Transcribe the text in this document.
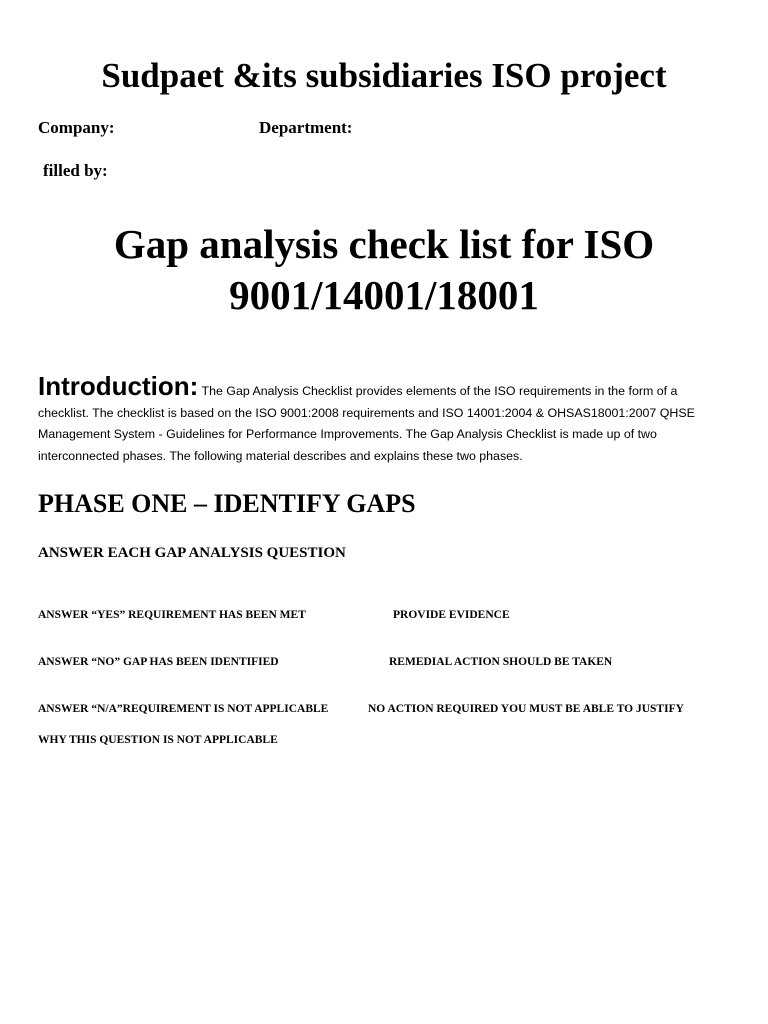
Sudpaet &its subsidiaries ISO project
Company:	Department:
filled by:
Gap analysis check list for ISO
9001/14001/18001

Introduction: The Gap Analysis Checklist provides elements of the ISO requirements in the form of a checklist. The checklist is based on the ISO 9001:2008 requirements and ISO 14001:2004 & OHSAS18001:2007 QHSE Management System - Guidelines for Performance Improvements. The Gap Analysis Checklist is made up of two interconnected phases. The following material describes and explains these two phases.

PHASE ONE – IDENTIFY GAPS
ANSWER EACH GAP ANALYSIS QUESTION
ANSWER “YES” REQUIREMENT HAS BEEN MET	PROVIDE EVIDENCE
ANSWER “NO” GAP HAS BEEN IDENTIFIED	REMEDIAL ACTION SHOULD BE TAKEN
ANSWER “N/A”REQUIREMENT IS NOT APPLICABLE	NO ACTION REQUIRED YOU MUST BE ABLE TO JUSTIFY
WHY THIS QUESTION IS NOT APPLICABLE
